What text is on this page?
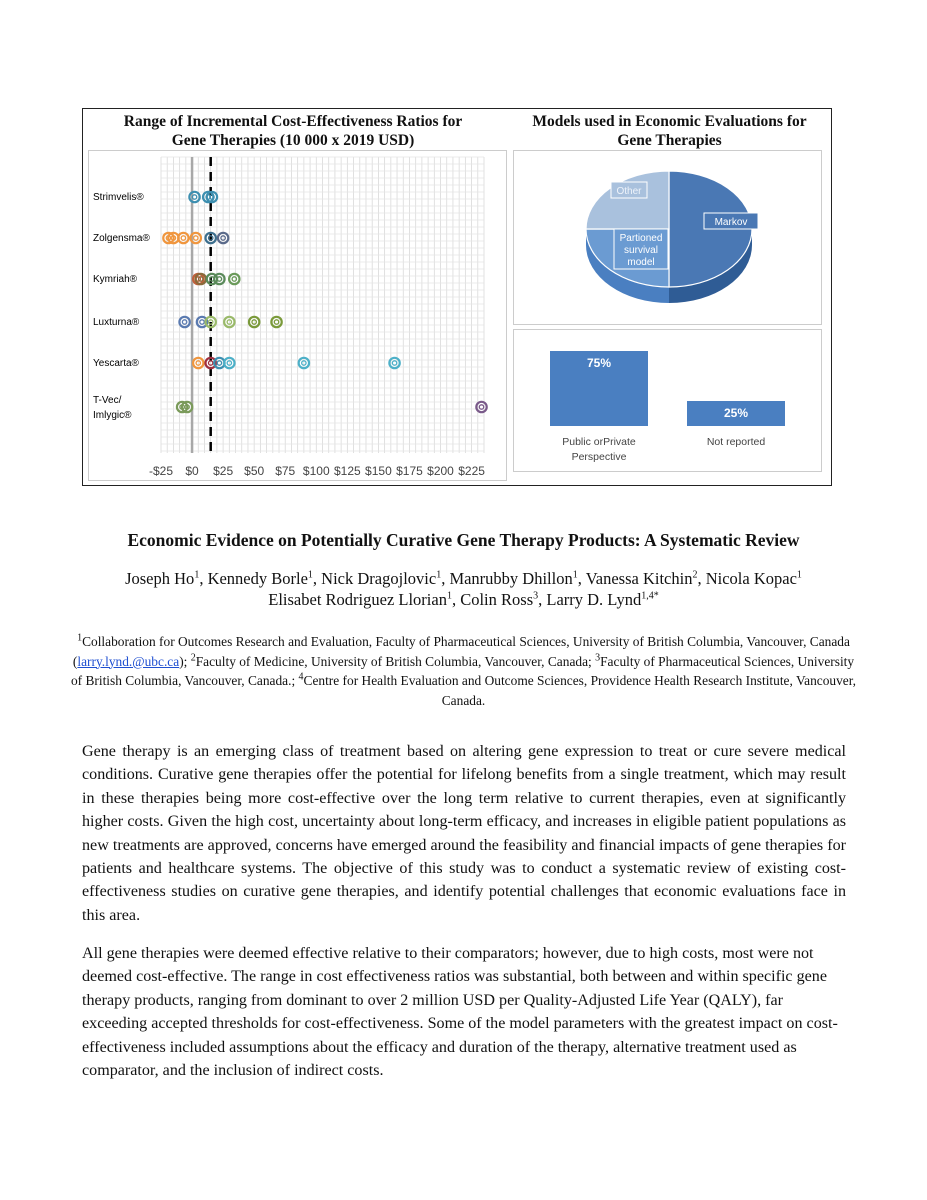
Range of Incremental Cost-Effectiveness Ratios for
Gene Therapies (10 000 x 2019 USD)
Models used in Economic Evaluations for
Gene Therapies
Strimvelis®
Zolgensma®
Kymriah®
Luxturna®
Yescarta®
T-Vec/
Imlygic®
-$25 $0 $25 $50 $75 $100 $125 $150 $175 $200 $225
Markov
Partioned
survival
model
Other
75%
25%
Public orPrivate
Perspective
Not reported
Economic Evidence on Potentially Curative Gene Therapy Products: A Systematic Review
Joseph Ho$^1$, Kennedy Borle$^1$, Nick Dragojlovic$^1$, Manrubby Dhillon$^1$, Vanessa Kitchin$^2$, Nicola Kopac$^1$
Elisabet Rodriguez Llorian$^1$, Colin Ross$^3$, Larry D. Lynd$^{1,4*}$
$^1$Collaboration for Outcomes Research and Evaluation, Faculty of Pharmaceutical Sciences, University of British Columbia, Vancouver, Canada (larry.lynd.@ubc.ca); $^2$Faculty of Medicine, University of British Columbia, Vancouver, Canada; $^3$Faculty of Pharmaceutical Sciences, University of British Columbia, Vancouver, Canada.; $^4$Centre for Health Evaluation and Outcome Sciences, Providence Health Research Institute, Vancouver, Canada.
Gene therapy is an emerging class of treatment based on altering gene expression to treat or cure severe medical conditions. Curative gene therapies offer the potential for lifelong benefits from a single treatment, which may result in these therapies being more cost-effective over the long term relative to current therapies, even at significantly higher costs. Given the high cost, uncertainty about long-term efficacy, and increases in eligible patient populations as new treatments are approved, concerns have emerged around the feasibility and financial impacts of gene therapies for patients and healthcare systems. The objective of this study was to conduct a systematic review of existing cost-effectiveness studies on curative gene therapies, and identify potential challenges that economic evaluations face in this area.
All gene therapies were deemed effective relative to their comparators; however, due to high costs, most were not deemed cost-effective. The range in cost effectiveness ratios was substantial, both between and within specific gene therapy products, ranging from dominant to over 2 million USD per Quality-Adjusted Life Year (QALY), far exceeding accepted thresholds for cost-effectiveness. Some of the model parameters with the greatest impact on cost-effectiveness included assumptions about the efficacy and duration of the therapy, alternative treatment used as comparator, and the inclusion of indirect costs.
